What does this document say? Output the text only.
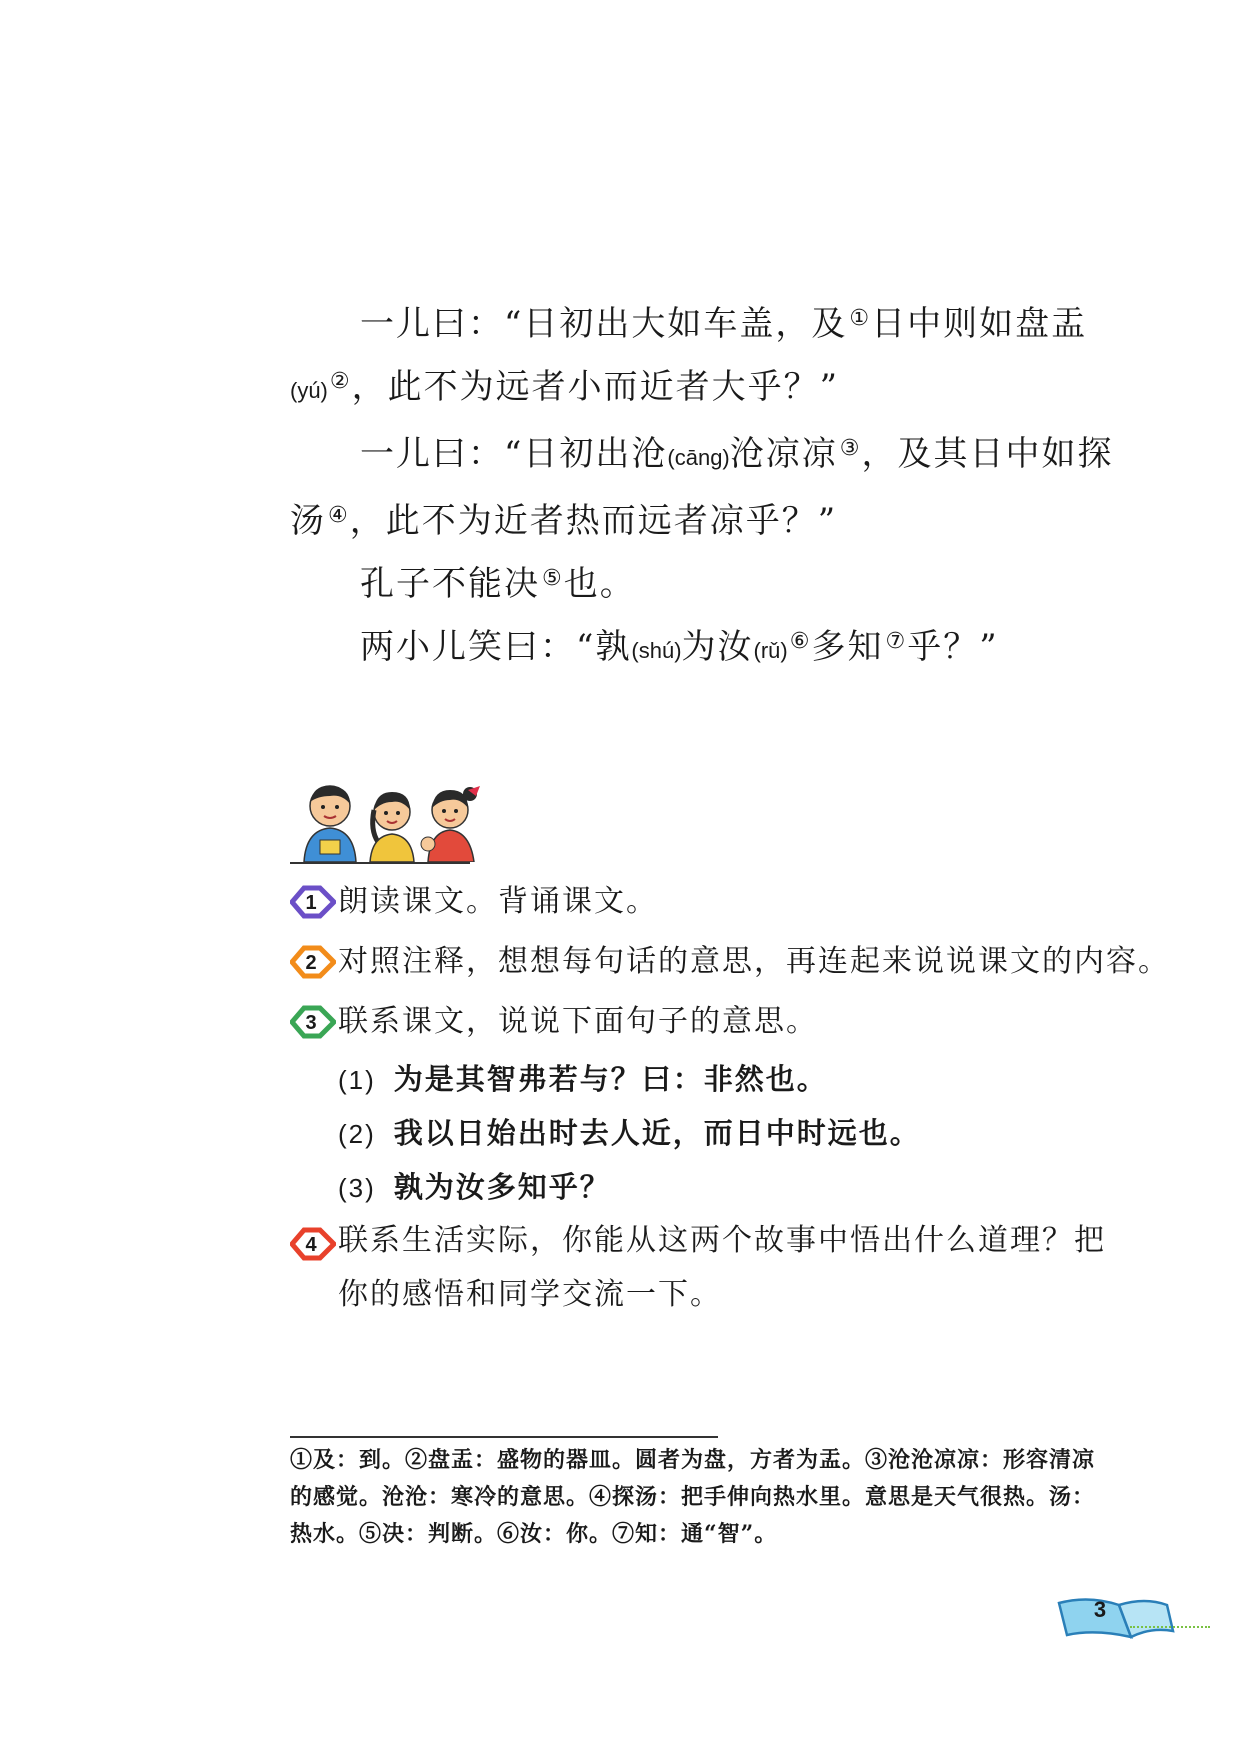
一儿曰：“日初出大如车盖，及①日中则如盘盂(yú)②，此不为远者小而近者大乎？”

一儿曰：“日初出沧(cāng)沧凉凉③，及其日中如探汤④，此不为近者热而远者凉乎？”

孔子不能决⑤也。

两小儿笑曰：“孰(shú)为汝(rǔ)⑥多知⑦乎？”

1 朗读课文。背诵课文。
2 对照注释，想想每句话的意思，再连起来说说课文的内容。
3 联系课文，说说下面句子的意思。
(1) 为是其智弗若与？曰：非然也。
(2) 我以日始出时去人近，而日中时远也。
(3) 孰为汝多知乎？
4 联系生活实际，你能从这两个故事中悟出什么道理？把你的感悟和同学交流一下。
①及：到。②盘盂：盛物的器皿。圆者为盘，方者为盂。③沧沧凉凉：形容清凉的感觉。沧沧：寒冷的意思。④探汤：把手伸向热水里。意思是天气很热。汤：热水。⑤决：判断。⑥汝：你。⑦知：通“智”。
3
